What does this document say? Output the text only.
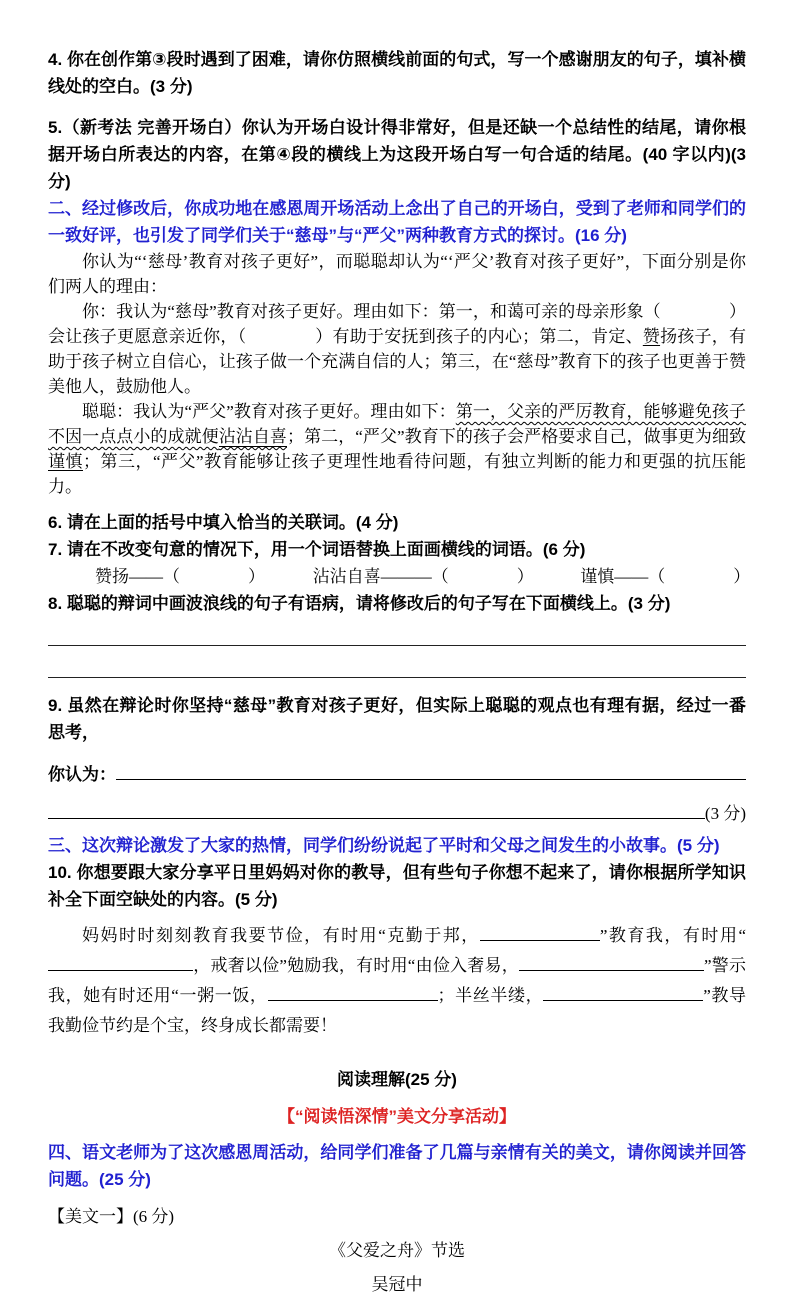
4. 你在创作第③段时遇到了困难，请你仿照横线前面的句式，写一个感谢朋友的句子，填补横线处的空白。(3 分)
5.（新考法 完善开场白）你认为开场白设计得非常好，但是还缺一个总结性的结尾，请你根据开场白所表达的内容，在第④段的横线上为这段开场白写一句合适的结尾。(40 字以内)(3 分)
二、经过修改后，你成功地在感恩周开场活动上念出了自己的开场白，受到了老师和同学们的一致好评，也引发了同学们关于“慈母”与“严父”两种教育方式的探讨。(16 分)
你认为“‘慈母’教育对孩子更好”，而聪聪却认为“‘严父’教育对孩子更好”，下面分别是你们两人的理由：
你：我认为“慈母”教育对孩子更好。理由如下：第一，和蔼可亲的母亲形象（　　　　）会让孩子更愿意亲近你，（　　　　）有助于安抚到孩子的内心；第二，肯定、赞扬孩子，有助于孩子树立自信心，让孩子做一个充满自信的人；第三，在“慈母”教育下的孩子也更善于赞美他人，鼓励他人。
聪聪：我认为“严父”教育对孩子更好。理由如下：第一，父亲的严厉教育，能够避免孩子不因一点点小的成就便沾沾自喜；第二，“严父”教育下的孩子会严格要求自己，做事更为细致谨慎；第三，“严父”教育能够让孩子更理性地看待问题，有独立判断的能力和更强的抗压能力。
6. 请在上面的括号中填入恰当的关联词。(4 分)
7. 请在不改变句意的情况下，用一个词语替换上面画横线的词语。(6 分)
赞扬——（　　　　）	沾沾自喜———（　　　　）	谨慎——（　　　　）
8. 聪聪的辩词中画波浪线的句子有语病，请将修改后的句子写在下面横线上。(3 分)
9. 虽然在辩论时你坚持“慈母”教育对孩子更好，但实际上聪聪的观点也有理有据，经过一番思考，
你认为：
(3 分)
三、这次辩论激发了大家的热情，同学们纷纷说起了平时和父母之间发生的小故事。(5 分)
10. 你想要跟大家分享平日里妈妈对你的教导，但有些句子你想不起来了，请你根据所学知识补全下面空缺处的内容。(5 分)
妈妈时时刻刻教育我要节俭，有时用“克勤于邦，	”教育我，有时用“，戒奢以俭”勉励我，有时用“由俭入奢易，	”警示我，她有时还用“一粥一饭，	；半丝半缕，	”教导我勤俭节约是个宝，终身成长都需要！
阅读理解(25 分)
【“阅读悟深情”美文分享活动】
四、语文老师为了这次感恩周活动，给同学们准备了几篇与亲情有关的美文，请你阅读并回答问题。(25 分)
【美文一】(6 分)
《父爱之舟》节选
吴冠中
